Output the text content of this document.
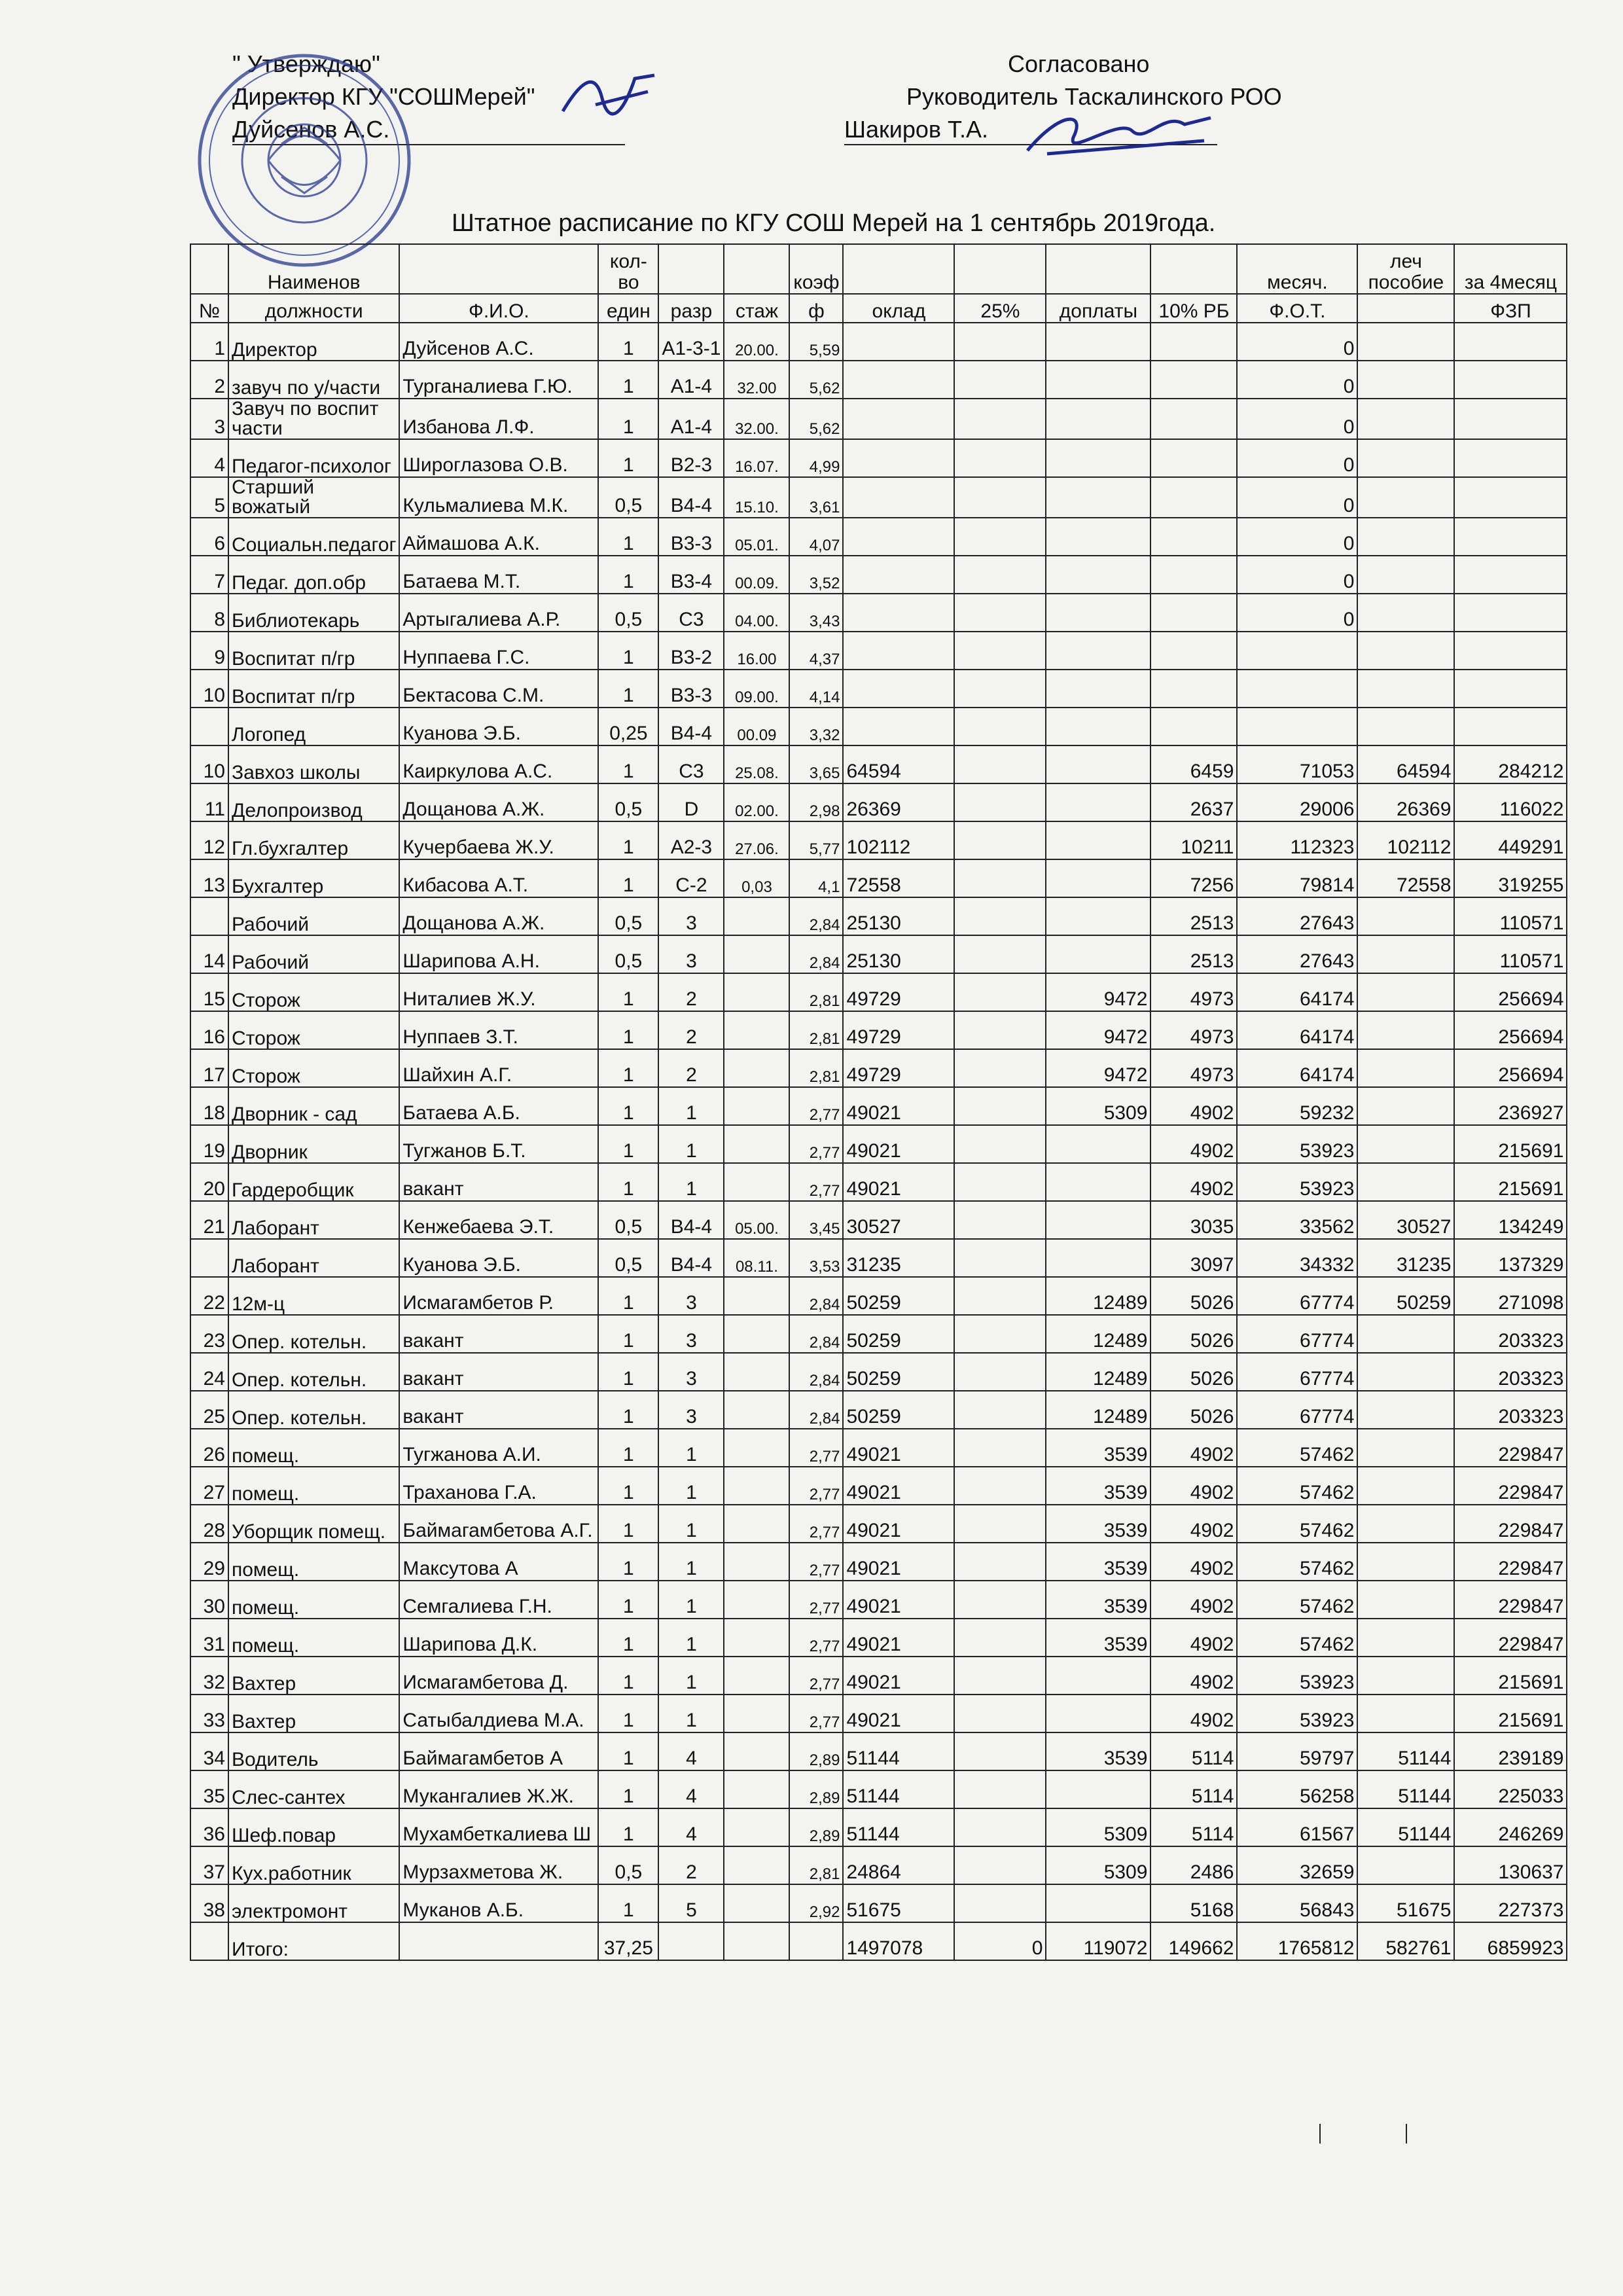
" Утверждаю"
Директор КГУ "СОШМерей"
Дуйсенов А.С.
Согласовано
Руководитель Таскалинского РОО
Шакиров Т.А.
Штатное расписание по КГУ СОШ Мерей на 1 сентябрь 2019года.
	Наименов		кол-во			коэф					месяч.	леч пособие	за 4месяц
№	должности	Ф.И.О.	един	разр	стаж	ф	оклад	25%	доплаты	10% РБ	Ф.О.Т.		ФЗП
1	Директор	Дуйсенов А.С.	1	А1-3-1	20.00.	5,59					0		
2	завуч по у/части	Турганалиева Г.Ю.	1	А1-4	32.00	5,62					0		
3	Завуч по воспит части	Избанова Л.Ф.	1	А1-4	32.00.	5,62					0		
4	Педагог-психолог	Широглазова О.В.	1	В2-3	16.07.	4,99					0		
5	Старший вожатый	Кульмалиева М.К.	0,5	В4-4	15.10.	3,61					0		
6	Социальн.педагог	Аймашова А.К.	1	В3-3	05.01.	4,07					0		
7	Педаг. доп.обр	Батаева М.Т.	1	В3-4	00.09.	3,52					0		
8	Библиотекарь	Артыгалиева А.Р.	0,5	С3	04.00.	3,43					0		
9	Воспитат п/гр	Нуппаева Г.С.	1	В3-2	16.00	4,37							
10	Воспитат п/гр	Бектасова С.М.	1	В3-3	09.00.	4,14							
	Логопед	Куанова Э.Б.	0,25	В4-4	00.09	3,32							
10	Завхоз школы	Каиркулова А.С.	1	С3	25.08.	3,65	64594			6459	71053	64594	284212
11	Делопроизвод	Дощанова А.Ж.	0,5	D	02.00.	2,98	26369			2637	29006	26369	116022
12	Гл.бухгалтер	Кучербаева Ж.У.	1	А2-3	27.06.	5,77	102112			10211	112323	102112	449291
13	Бухгалтер	Кибасова А.Т.	1	С-2	0,03	4,1	72558			7256	79814	72558	319255
	Рабочий	Дощанова А.Ж.	0,5	3		2,84	25130			2513	27643		110571
14	Рабочий	Шарипова А.Н.	0,5	3		2,84	25130			2513	27643		110571
15	Сторож	Ниталиев Ж.У.	1	2		2,81	49729		9472	4973	64174		256694
16	Сторож	Нуппаев З.Т.	1	2		2,81	49729		9472	4973	64174		256694
17	Сторож	Шайхин А.Г.	1	2		2,81	49729		9472	4973	64174		256694
18	Дворник - сад	Батаева А.Б.	1	1		2,77	49021		5309	4902	59232		236927
19	Дворник	Тугжанов Б.Т.	1	1		2,77	49021			4902	53923		215691
20	Гардеробщик	вакант	1	1		2,77	49021			4902	53923		215691
21	Лаборант	Кенжебаева Э.Т.	0,5	В4-4	05.00.	3,45	30527			3035	33562	30527	134249
	Лаборант	Куанова Э.Б.	0,5	В4-4	08.11.	3,53	31235			3097	34332	31235	137329
22	12м-ц	Исмагамбетов Р.	1	3		2,84	50259		12489	5026	67774	50259	271098
23	Опер. котельн.	вакант	1	3		2,84	50259		12489	5026	67774		203323
24	Опер. котельн.	вакант	1	3		2,84	50259		12489	5026	67774		203323
25	Опер. котельн.	вакант	1	3		2,84	50259		12489	5026	67774		203323
26	помещ.	Тугжанова А.И.	1	1		2,77	49021		3539	4902	57462		229847
27	помещ.	Траханова Г.А.	1	1		2,77	49021		3539	4902	57462		229847
28	Уборщик помещ.	Баймагамбетова А.Г.	1	1		2,77	49021		3539	4902	57462		229847
29	помещ.	Максутова А	1	1		2,77	49021		3539	4902	57462		229847
30	помещ.	Семгалиева Г.Н.	1	1		2,77	49021		3539	4902	57462		229847
31	помещ.	Шарипова Д.К.	1	1		2,77	49021		3539	4902	57462		229847
32	Вахтер	Исмагамбетова Д.	1	1		2,77	49021			4902	53923		215691
33	Вахтер	Сатыбалдиева М.А.	1	1		2,77	49021			4902	53923		215691
34	Водитель	Баймагамбетов А	1	4		2,89	51144		3539	5114	59797	51144	239189
35	Слес-сантех	Мукангалиев Ж.Ж.	1	4		2,89	51144			5114	56258	51144	225033
36	Шеф.повар	Мухамбеткалиева Ш	1	4		2,89	51144		5309	5114	61567	51144	246269
37	Кух.работник	Мурзахметова Ж.	0,5	2		2,81	24864		5309	2486	32659		130637
38	электромонт	Муканов А.Б.	1	5		2,92	51675			5168	56843	51675	227373
	Итого:		37,25				1497078	0	119072	149662	1765812	582761	6859923
